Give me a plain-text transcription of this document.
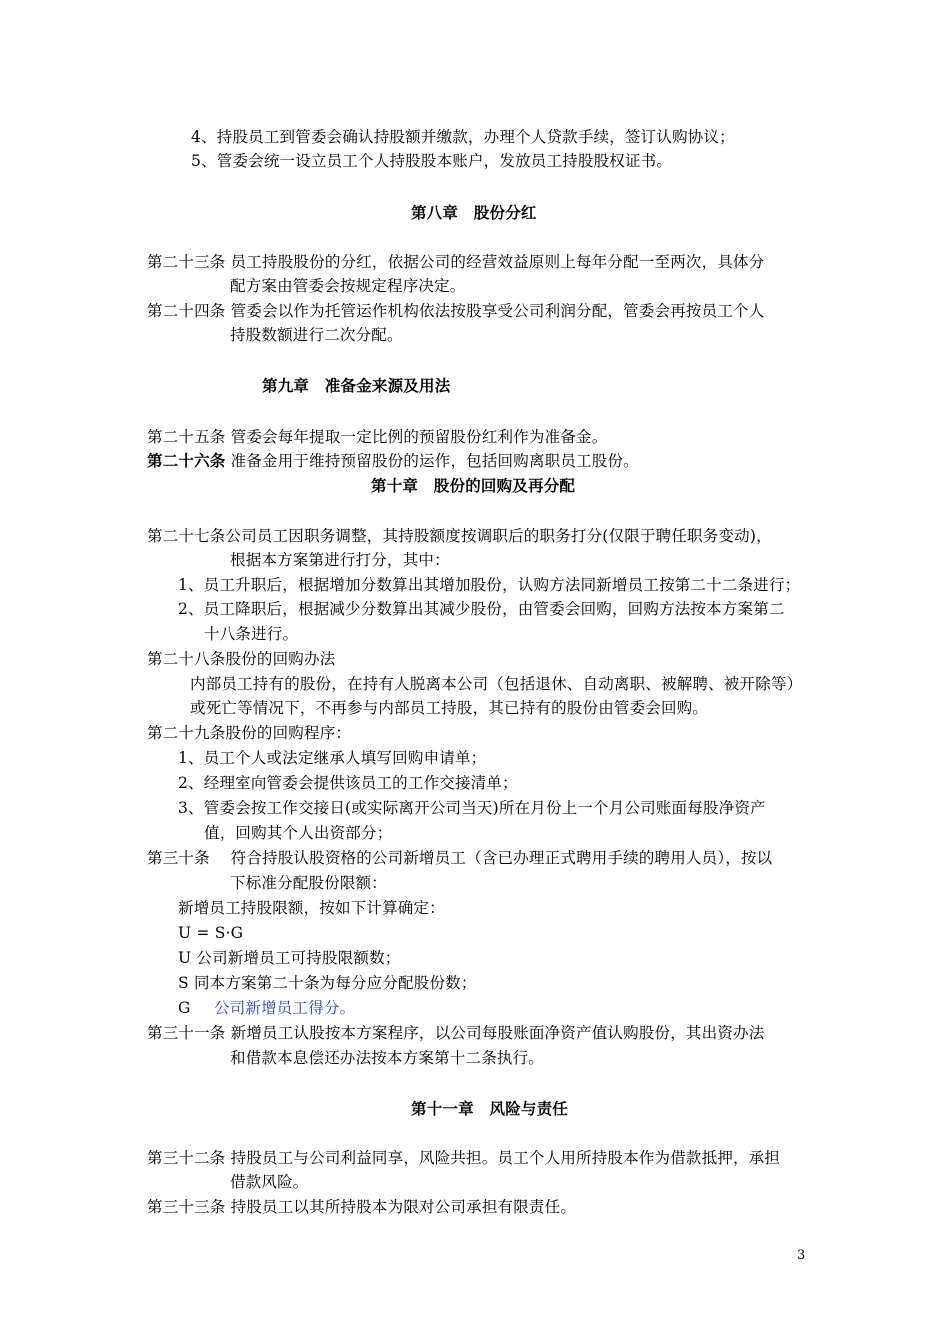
4、持股员工到管委会确认持股额并缴款，办理个人贷款手续，签订认购协议；
5、管委会统一设立员工个人持股股本账户，发放员工持股股权证书。
第八章　股份分红
第二十三条 员工持股股份的分红，依据公司的经营效益原则上每年分配一至两次，具体分
配方案由管委会按规定程序决定。
第二十四条 管委会以作为托管运作机构依法按股享受公司利润分配，管委会再按员工个人
持股数额进行二次分配。
第九章　准备金来源及用法
第二十五条 管委会每年提取一定比例的预留股份红利作为准备金。
第二十六条 准备金用于维持预留股份的运作，包括回购离职员工股份。
第十章　股份的回购及再分配
第二十七条公司员工因职务调整，其持股额度按调职后的职务打分(仅限于聘任职务变动)，
根据本方案第进行打分，其中：
1、员工升职后，根据增加分数算出其增加股份，认购方法同新增员工按第二十二条进行；
2、员工降职后，根据减少分数算出其减少股份，由管委会回购，回购方法按本方案第二
十八条进行。
第二十八条股份的回购办法
内部员工持有的股份，在持有人脱离本公司（包括退休、自动离职、被解聘、被开除等）
或死亡等情况下，不再参与内部员工持股，其已持有的股份由管委会回购。
第二十九条股份的回购程序：
1、员工个人或法定继承人填写回购申请单；
2、经理室向管委会提供该员工的工作交接清单；
3、管委会按工作交接日(或实际离开公司当天)所在月份上一个月公司账面每股净资产
值，回购其个人出资部分；
第三十条　 符合持股认股资格的公司新增员工（含已办理正式聘用手续的聘用人员），按以
下标准分配股份限额：
新增员工持股限额，按如下计算确定：
U = S·G
U 公司新增员工可持股限额数；
S 同本方案第二十条为每分应分配股份数；
G 公司新增员工得分。
第三十一条 新增员工认股按本方案程序，以公司每股账面净资产值认购股份，其出资办法
和借款本息偿还办法按本方案第十二条执行。
第十一章　风险与责任
第三十二条 持股员工与公司利益同享，风险共担。员工个人用所持股本作为借款抵押，承担
借款风险。
第三十三条 持股员工以其所持股本为限对公司承担有限责任。
3
